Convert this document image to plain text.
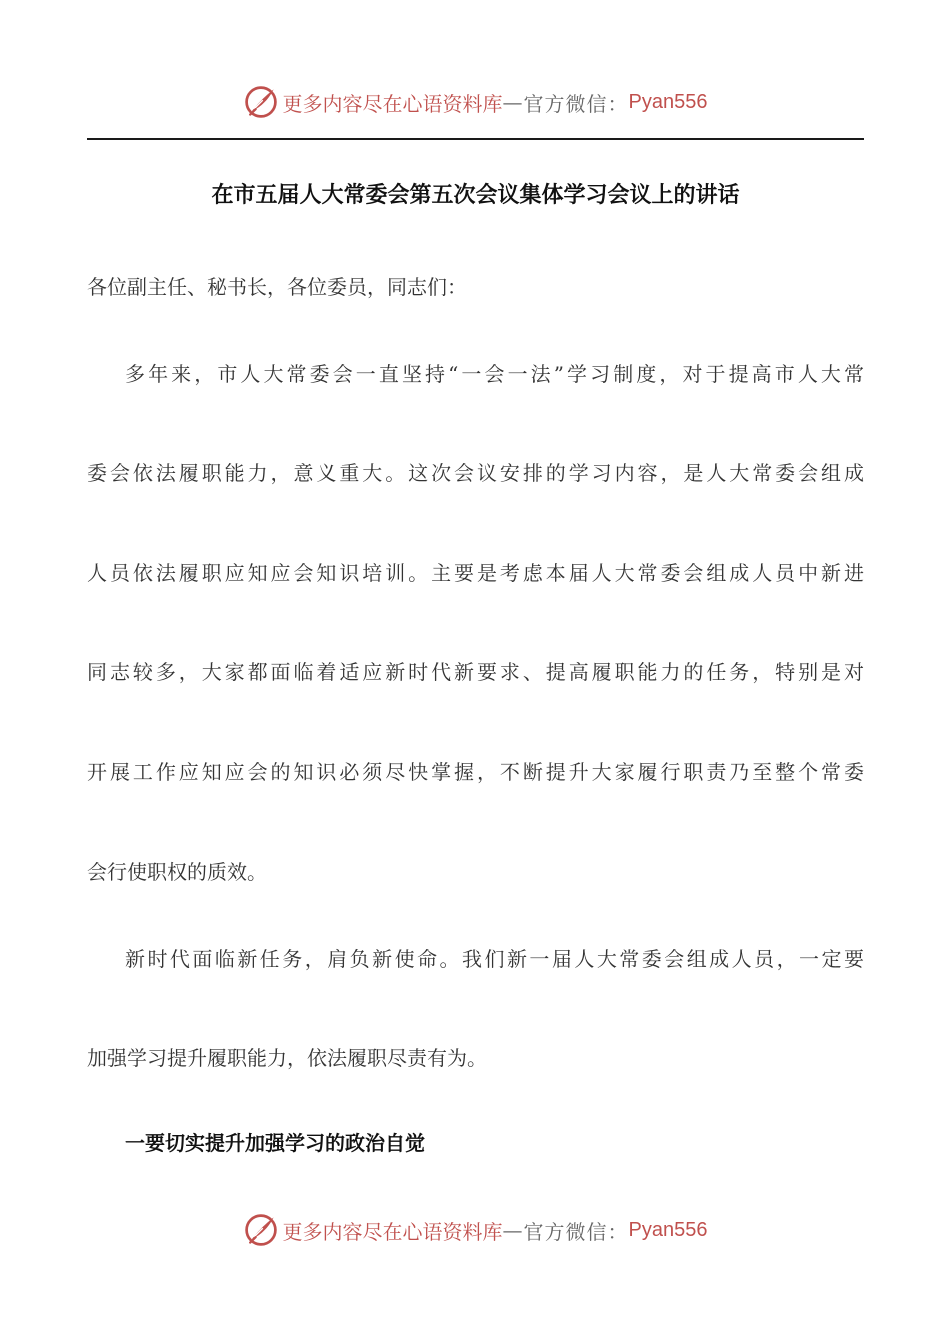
更多内容尽在心语资料库 — 官方微信： Pyan556
在市五届人大常委会第五次会议集体学习会议上的讲话
各位副主任、秘书长，各位委员，同志们：
多年来，市人大常委会一直坚持“一会一法”学习制度，对于提高市人大常
委会依法履职能力，意义重大。这次会议安排的学习内容，是人大常委会组成
人员依法履职应知应会知识培训。主要是考虑本届人大常委会组成人员中新进
同志较多，大家都面临着适应新时代新要求、提高履职能力的任务，特别是对
开展工作应知应会的知识必须尽快掌握，不断提升大家履行职责乃至整个常委
会行使职权的质效。
新时代面临新任务，肩负新使命。我们新一届人大常委会组成人员，一定要
加强学习提升履职能力，依法履职尽责有为。
一要切实提升加强学习的政治自觉
更多内容尽在心语资料库 — 官方微信： Pyan556
